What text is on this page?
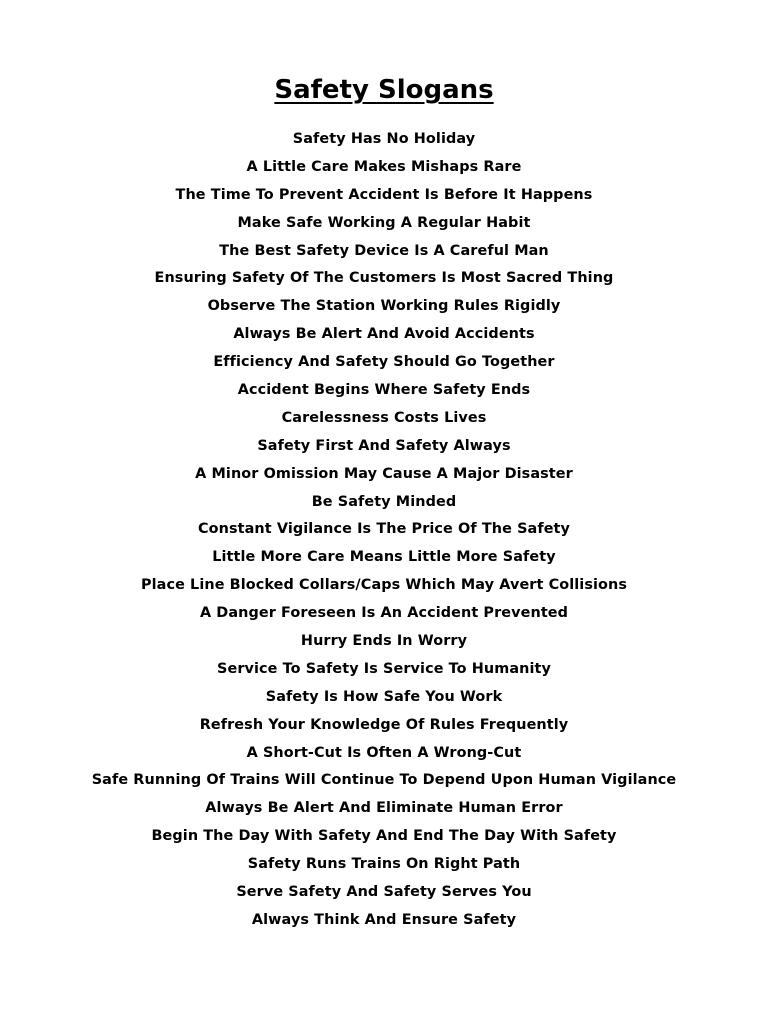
Safety Slogans
Safety Has No Holiday
A Little Care Makes Mishaps Rare
The Time To Prevent Accident Is Before It Happens
Make Safe Working A Regular Habit
The Best Safety Device Is A Careful Man
Ensuring Safety Of The Customers Is Most Sacred Thing
Observe The Station Working Rules Rigidly
Always Be Alert And Avoid Accidents
Efficiency And Safety Should Go Together
Accident Begins Where Safety Ends
Carelessness Costs Lives
Safety First And Safety Always
A Minor Omission May Cause A Major Disaster
Be Safety Minded
Constant Vigilance Is The Price Of The Safety
Little More Care Means Little More Safety
Place Line Blocked Collars/Caps Which May Avert Collisions
A Danger Foreseen Is An Accident Prevented
Hurry Ends In Worry
Service To Safety Is Service To Humanity
Safety Is How Safe You Work
Refresh Your Knowledge Of Rules Frequently
A Short-Cut Is Often A Wrong-Cut
Safe Running Of Trains Will Continue To Depend Upon Human Vigilance
Always Be Alert And Eliminate Human Error
Begin The Day With Safety And End The Day With Safety
Safety Runs Trains On Right Path
Serve Safety And Safety Serves You
Always Think And Ensure Safety
